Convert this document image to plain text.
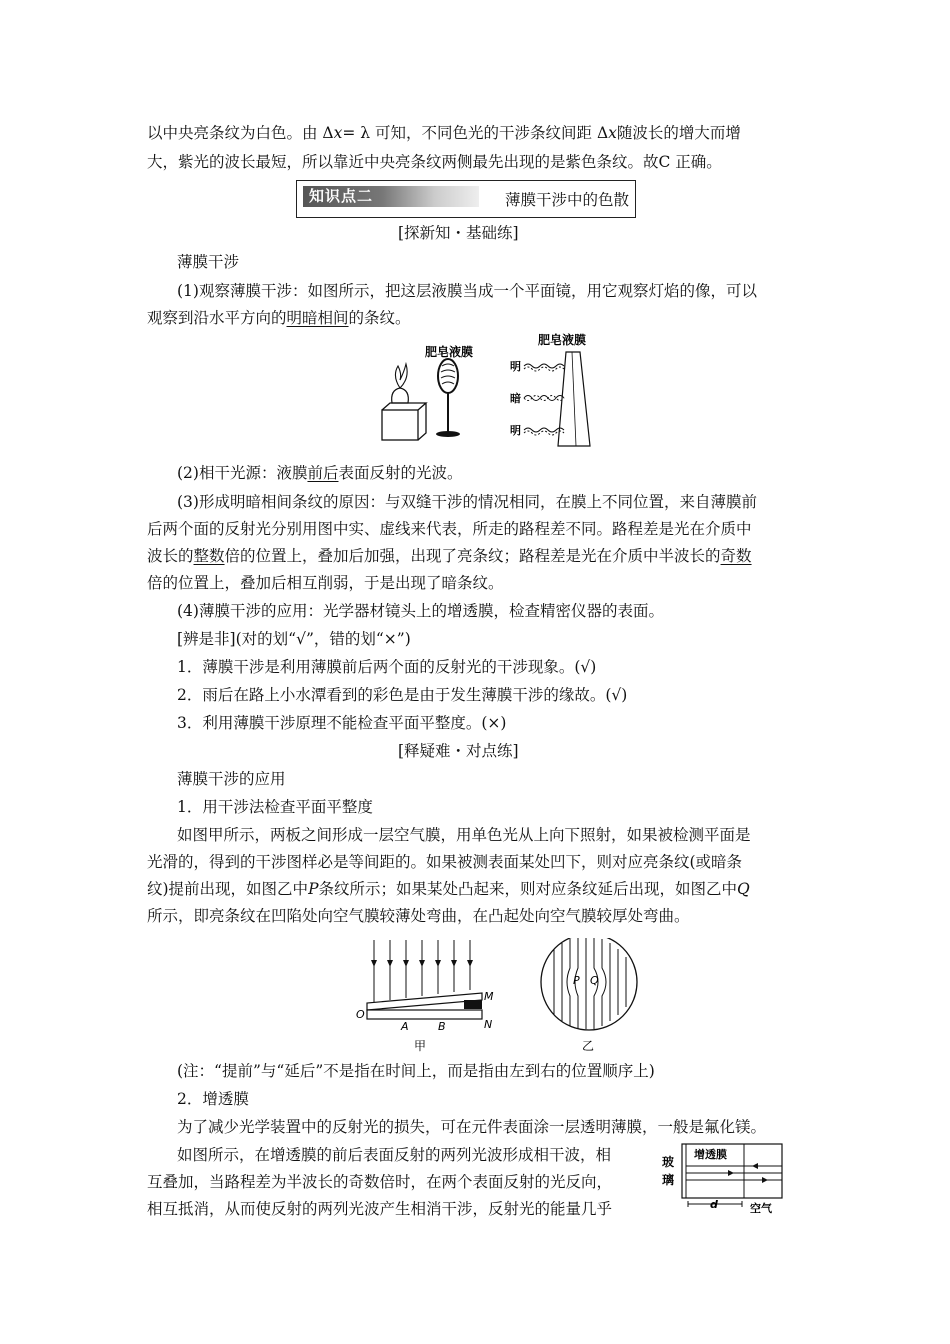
以中央亮条纹为白色。由 Δx= λ 可知，不同色光的干涉条纹间距 Δx随波长的增大而增
大，紫光的波长最短，所以靠近中央亮条纹两侧最先出现的是紫色条纹。故C 正确。
知识点二	薄膜干涉中的色散
[探新知・基础练]
薄膜干涉
(1)观察薄膜干涉：如图所示，把这层液膜当成一个平面镜，用它观察灯焰的像，可以
观察到沿水平方向的明暗相间的条纹。
肥皂液膜
肥皂液膜
明
暗
明
(2)相干光源：液膜前后表面反射的光波。
(3)形成明暗相间条纹的原因：与双缝干涉的情况相同，在膜上不同位置，来自薄膜前
后两个面的反射光分别用图中实、虚线来代表，所走的路程差不同。路程差是光在介质中
波长的整数倍的位置上，叠加后加强，出现了亮条纹；路程差是光在介质中半波长的奇数
倍的位置上，叠加后相互削弱，于是出现了暗条纹。
(4)薄膜干涉的应用：光学器材镜头上的增透膜，检查精密仪器的表面。
[辨是非](对的划“√”，错的划“×”)
1．薄膜干涉是利用薄膜前后两个面的反射光的干涉现象。(√)
2．雨后在路上小水潭看到的彩色是由于发生薄膜干涉的缘故。(√)
3．利用薄膜干涉原理不能检查平面平整度。(×)
[释疑难・对点练]
薄膜干涉的应用
1．用干涉法检查平面平整度
如图甲所示，两板之间形成一层空气膜，用单色光从上向下照射，如果被检测平面是
光滑的，得到的干涉图样必是等间距的。如果被测表面某处凹下，则对应亮条纹(或暗条
纹)提前出现，如图乙中P条纹所示；如果某处凸起来，则对应条纹延后出现，如图乙中Q
所示，即亮条纹在凹陷处向空气膜较薄处弯曲，在凸起处向空气膜较厚处弯曲。
O
A	B
M
N
甲
P Q
乙
(注：“提前”与“延后”不是指在时间上，而是指由左到右的位置顺序上)
2．增透膜
为了减少光学装置中的反射光的损失，可在元件表面涂一层透明薄膜，一般是氟化镁。
如图所示，在增透膜的前后表面反射的两列光波形成相干波，相
互叠加，当路程差为半波长的奇数倍时，在两个表面反射的光反向，
相互抵消，从而使反射的两列光波产生相消干涉，反射光的能量几乎
玻
璃
增透膜
d	空气
